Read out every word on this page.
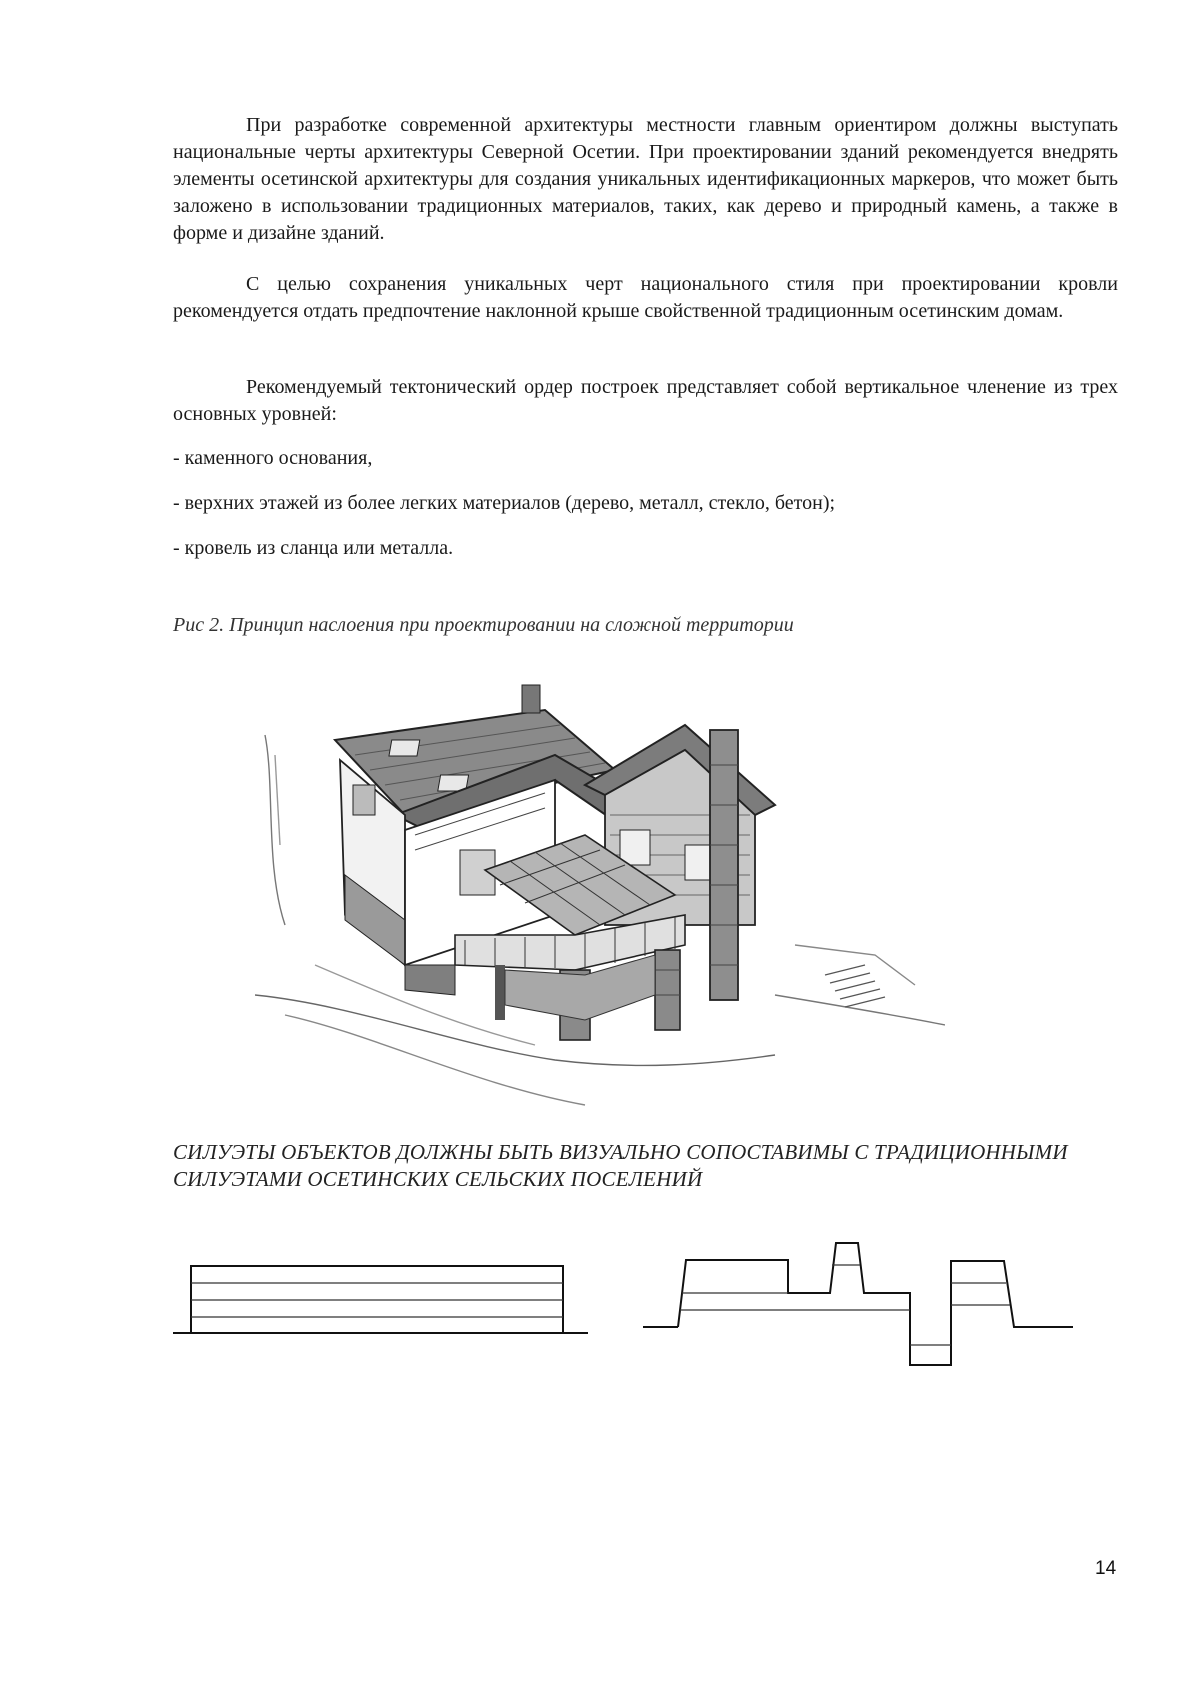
При разработке современной архитектуры местности главным ориентиром должны выступать национальные черты архитектуры Северной Осетии. При проектировании зданий рекомендуется внедрять элементы осетинской архитектуры для создания уникальных идентификационных маркеров, что может быть заложено в использовании традиционных материалов, таких, как дерево и природный камень, а также в форме и дизайне зданий.

С целью сохранения уникальных черт национального стиля при проектировании кровли рекомендуется отдать предпочтение наклонной крыше свойственной традиционным осетинским домам.

Рекомендуемый тектонический ордер построек представляет собой вертикальное членение из трех основных уровней:

- каменного основания,

- верхних этажей из более легких материалов (дерево, металл, стекло, бетон);

- кровель из сланца или металла.

Рис 2. Принцип наслоения при проектировании на сложной территории
СИЛУЭТЫ ОБЪЕКТОВ ДОЛЖНЫ БЫТЬ ВИЗУАЛЬНО СОПОСТАВИМЫ С ТРАДИЦИОННЫМИ СИЛУЭТАМИ ОСЕТИНСКИХ СЕЛЬСКИХ ПОСЕЛЕНИЙ
14
